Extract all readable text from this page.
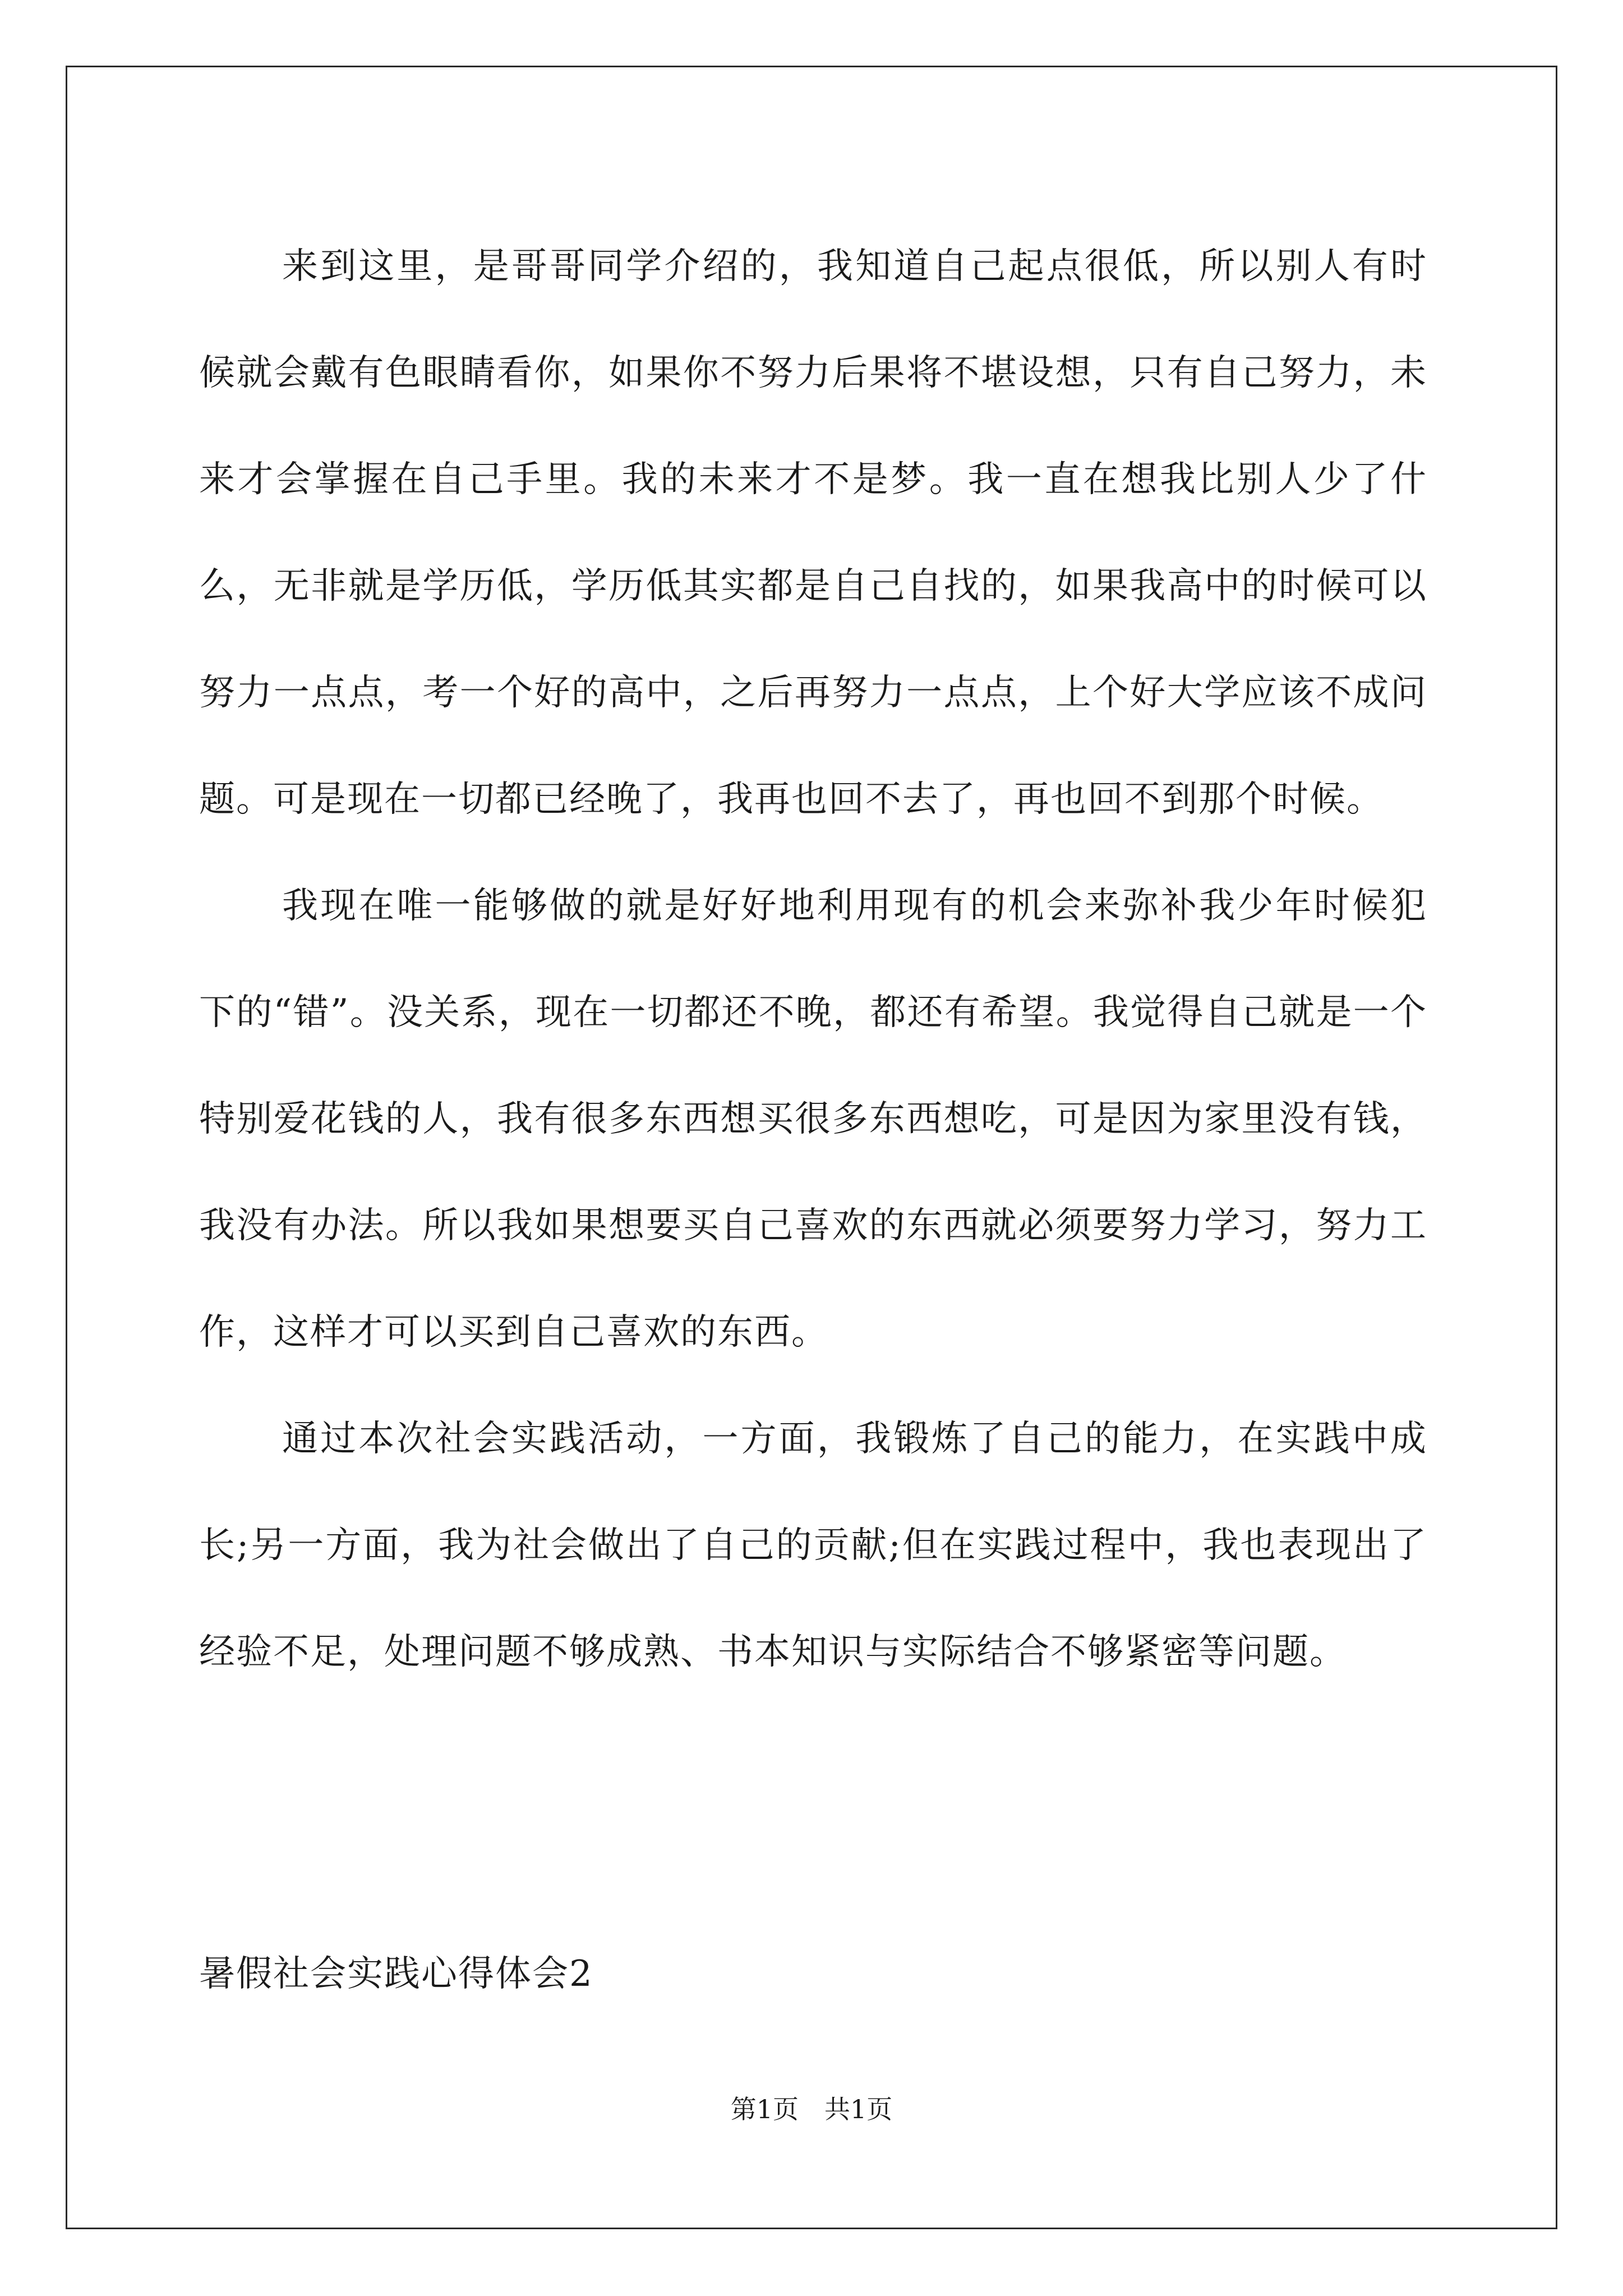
来到这里，是哥哥同学介绍的，我知道自己起点很低，所以别人有时候就会戴有色眼睛看你，如果你不努力后果将不堪设想，只有自己努力，未来才会掌握在自己手里。我的未来才不是梦。我一直在想我比别人少了什么，无非就是学历低，学历低其实都是自己自找的，如果我高中的时候可以努力一点点，考一个好的高中，之后再努力一点点，上个好大学应该不成问题。可是现在一切都已经晚了，我再也回不去了，再也回不到那个时候。

我现在唯一能够做的就是好好地利用现有的机会来弥补我少年时候犯下的“错”。没关系，现在一切都还不晚，都还有希望。我觉得自己就是一个特别爱花钱的人，我有很多东西想买很多东西想吃，可是因为家里没有钱，我没有办法。所以我如果想要买自己喜欢的东西就必须要努力学习，努力工作，这样才可以买到自己喜欢的东西。

通过本次社会实践活动，一方面，我锻炼了自己的能力，在实践中成长;另一方面，我为社会做出了自己的贡献;但在实践过程中，我也表现出了经验不足，处理问题不够成熟、书本知识与实际结合不够紧密等问题。

暑假社会实践心得体会2
第1页　共1页
